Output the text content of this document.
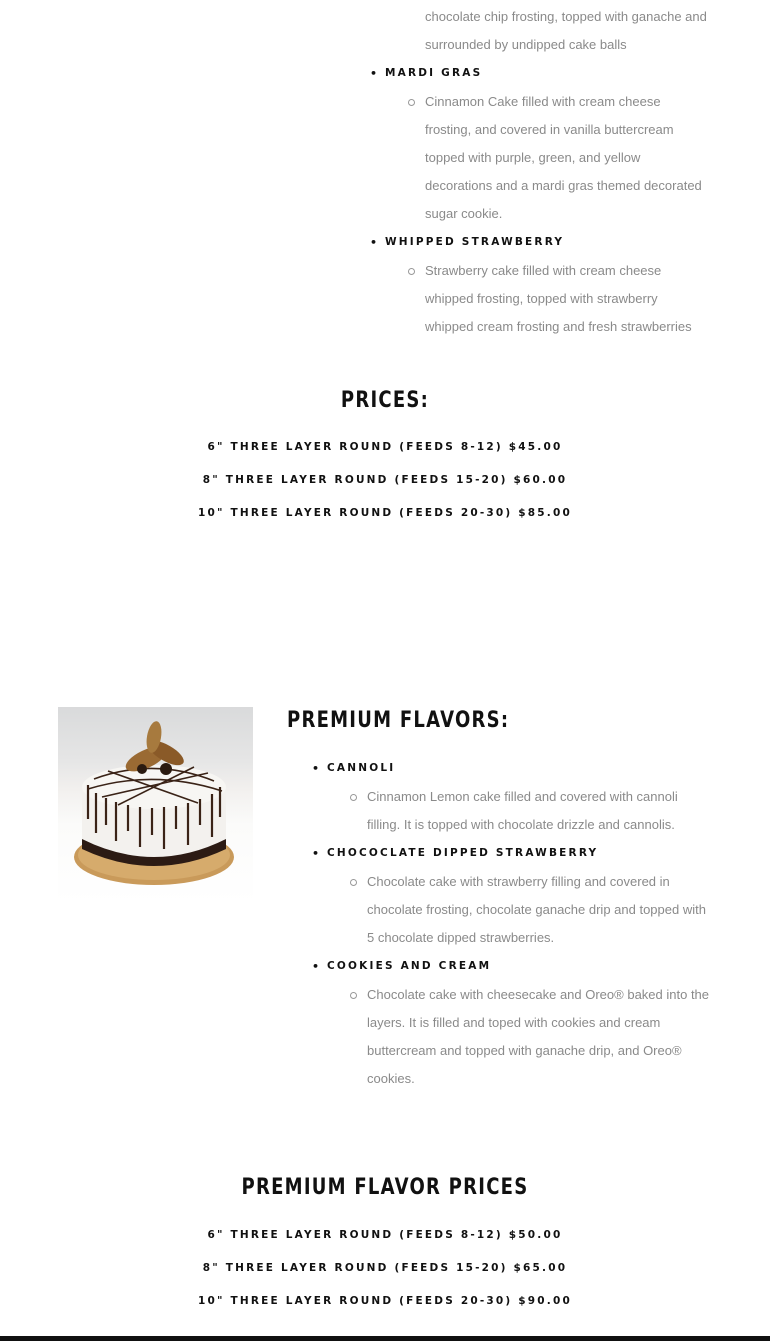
chocolate chip frosting, topped with ganache and
surrounded by undipped cake balls
• MARDI GRAS
Cinnamon Cake filled with cream cheese
frosting, and covered in vanilla buttercream
topped with purple, green, and yellow
decorations and a mardi gras themed decorated
sugar cookie.
• WHIPPED STRAWBERRY
Strawberry cake filled with cream cheese
whipped frosting, topped with strawberry
whipped cream frosting and fresh strawberries
PRICES:
6" THREE LAYER ROUND (FEEDS 8-12) $45.00
8" THREE LAYER ROUND (FEEDS 15-20) $60.00
10" THREE LAYER ROUND (FEEDS 20-30) $85.00
PREMIUM FLAVORS:
• CANNOLI
Cinnamon Lemon cake filled and covered with cannoli
filling. It is topped with chocolate drizzle and cannolis.
• CHOCOCLATE DIPPED STRAWBERRY
Chocolate cake with strawberry filling and covered in
chocolate frosting, chocolate ganache drip and topped with
5 chocolate dipped strawberries.
• COOKIES AND CREAM
Chocolate cake with cheesecake and Oreo® baked into the
layers. It is filled and toped with cookies and cream
buttercream and topped with ganache drip, and Oreo®
cookies.
PREMIUM FLAVOR PRICES
6" THREE LAYER ROUND (FEEDS 8-12) $50.00
8" THREE LAYER ROUND (FEEDS 15-20) $65.00
10" THREE LAYER ROUND (FEEDS 20-30) $90.00
